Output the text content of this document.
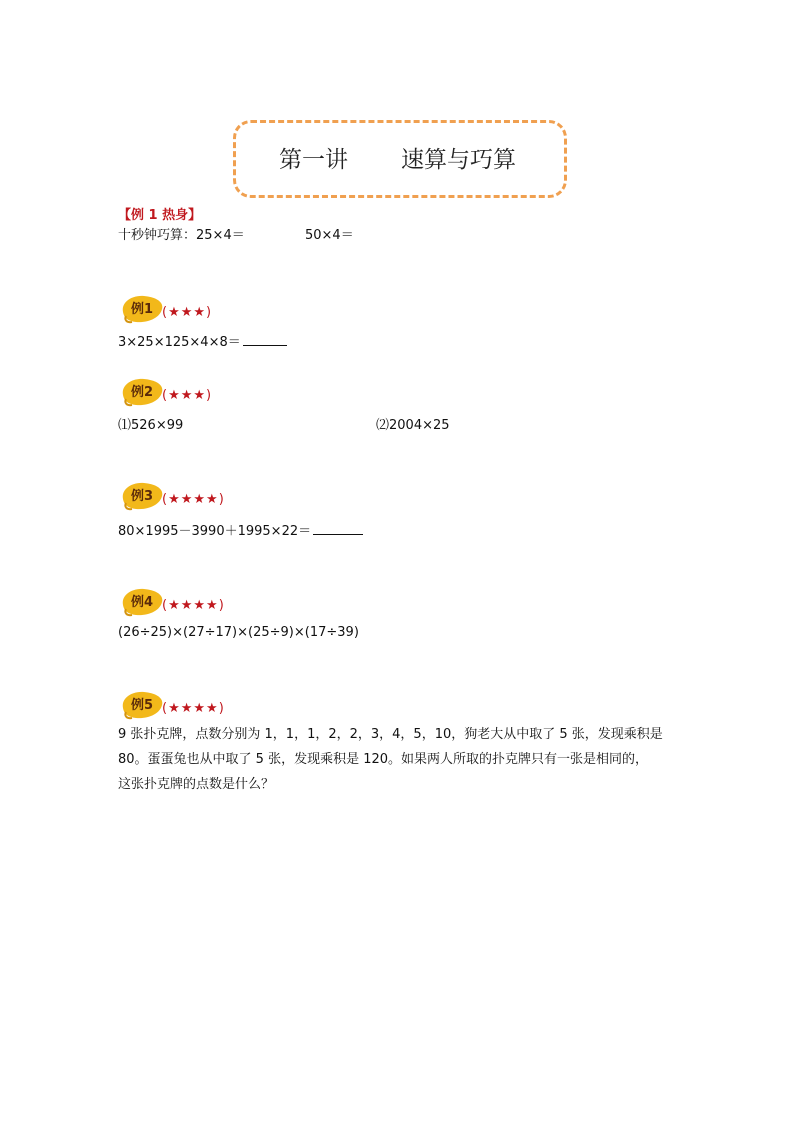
第一讲 速算与巧算
【例 1 热身】
十秒钟巧算：25×4＝	50×4＝
例1 (★★★)
3×25×125×4×8＝
例2 (★★★)
⑴526×99	⑵2004×25
例3 (★★★★)
80×1995－3990＋1995×22＝
例4 (★★★★)
(26÷25)×(27÷17)×(25÷9)×(17÷39)
例5 (★★★★)
9 张扑克牌，点数分别为 1，1，1，2，2，3，4，5，10，狗老大从中取了 5 张，发现乘积是
80。蛋蛋兔也从中取了 5 张，发现乘积是 120。如果两人所取的扑克牌只有一张是相同的，
这张扑克牌的点数是什么？
